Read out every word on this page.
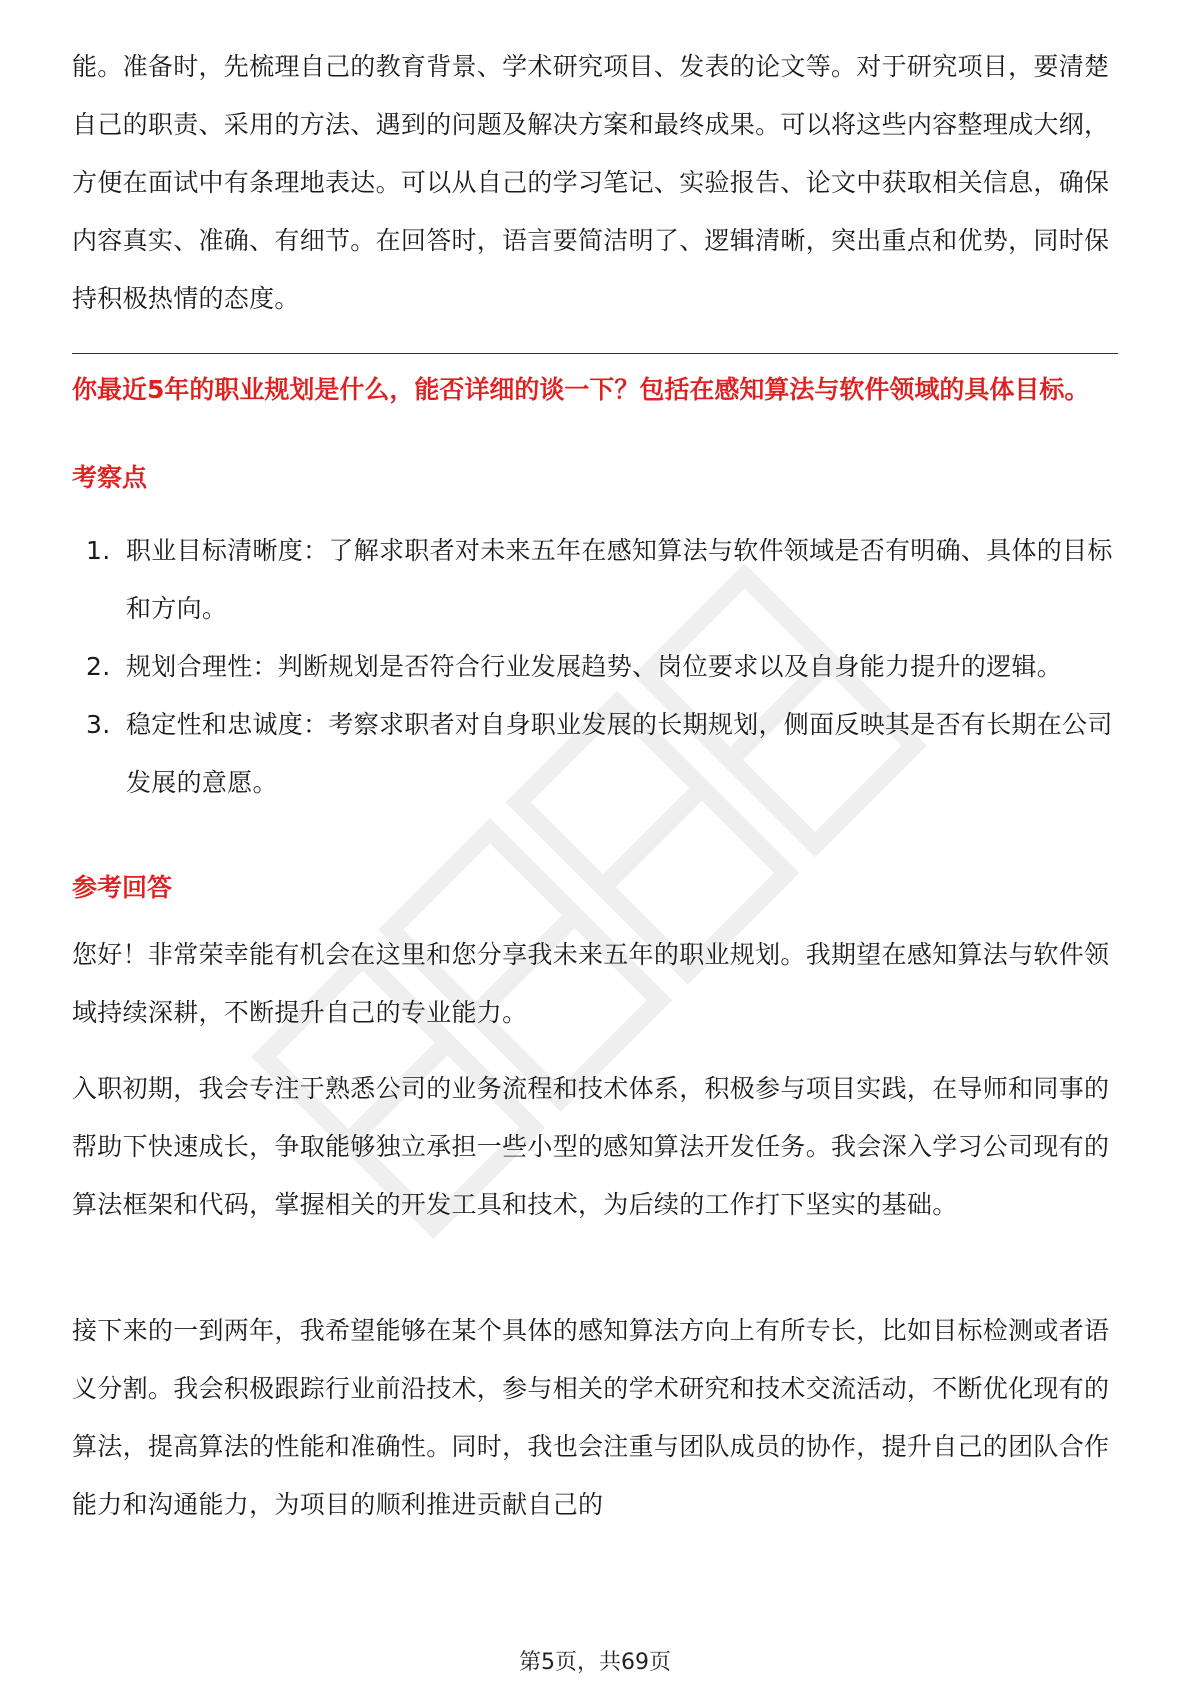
能。准备时，先梳理自己的教育背景、学术研究项目、发表的论文等。对于研究项目，要清楚自己的职责、采用的方法、遇到的问题及解决方案和最终成果。可以将这些内容整理成大纲，方便在面试中有条理地表达。可以从自己的学习笔记、实验报告、论文中获取相关信息，确保内容真实、准确、有细节。在回答时，语言要简洁明了、逻辑清晰，突出重点和优势，同时保持积极热情的态度。

你最近5年的职业规划是什么，能否详细的谈一下？包括在感知算法与软件领域的具体目标。

考察点

1. 职业目标清晰度：了解求职者对未来五年在感知算法与软件领域是否有明确、具体的目标和方向。
2. 规划合理性：判断规划是否符合行业发展趋势、岗位要求以及自身能力提升的逻辑。
3. 稳定性和忠诚度：考察求职者对自身职业发展的长期规划，侧面反映其是否有长期在公司发展的意愿。

参考回答

您好！非常荣幸能有机会在这里和您分享我未来五年的职业规划。我期望在感知算法与软件领域持续深耕，不断提升自己的专业能力。

入职初期，我会专注于熟悉公司的业务流程和技术体系，积极参与项目实践，在导师和同事的帮助下快速成长，争取能够独立承担一些小型的感知算法开发任务。我会深入学习公司现有的算法框架和代码，掌握相关的开发工具和技术，为后续的工作打下坚实的基础。

接下来的一到两年，我希望能够在某个具体的感知算法方向上有所专长，比如目标检测或者语义分割。我会积极跟踪行业前沿技术，参与相关的学术研究和技术交流活动，不断优化现有的算法，提高算法的性能和准确性。同时，我也会注重与团队成员的协作，提升自己的团队合作能力和沟通能力，为项目的顺利推进贡献自己的

第5页，共69页
